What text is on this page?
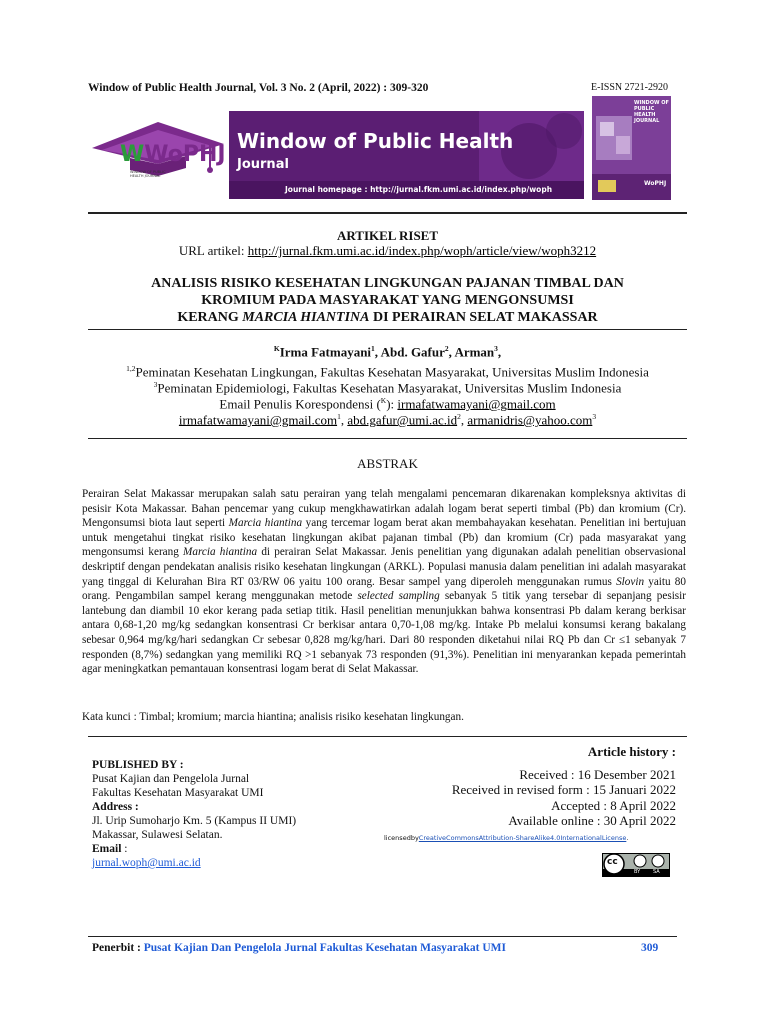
Window of Public Health Journal, Vol. 3 No. 2 (April, 2022) : 309-320	E-ISSN 2721-2920
WWoPHJ
WINDOW OF PUBLIC HEALTH JOURNAL
Window of Public Health
Journal
Journal homepage : http://jurnal.fkm.umi.ac.id/index.php/woph
WINDOW OF PUBLIC HEALTH JOURNAL
WoPHJ
ARTIKEL RISET
URL artikel: http://jurnal.fkm.umi.ac.id/index.php/woph/article/view/woph3212
ANALISIS RISIKO KESEHATAN LINGKUNGAN PAJANAN TIMBAL DAN
KROMIUM PADA MASYARAKAT YANG MENGONSUMSI
KERANG MARCIA HIANTINA DI PERAIRAN SELAT MAKASSAR
$^K$Irma Fatmayani$^1$, Abd. Gafur$^2$, Arman$^3$,
$^{1,2}$Peminatan Kesehatan Lingkungan, Fakultas Kesehatan Masyarakat, Universitas Muslim Indonesia
$^3$Peminatan Epidemiologi, Fakultas Kesehatan Masyarakat, Universitas Muslim Indonesia
Email Penulis Korespondensi ($^K$): irmafatwamayani@gmail.com
irmafatwamayani@gmail.com$^1$, $abd.gafur@umi.ac.id^2$, armanidris@yahoo.com$^3$
ABSTRAK
Perairan Selat Makassar merupakan salah satu perairan yang telah mengalami pencemaran dikarenakan kompleksnya aktivitas di pesisir Kota Makassar. Bahan pencemar yang cukup mengkhawatirkan adalah logam berat seperti timbal (Pb) dan kromium (Cr). Mengonsumsi biota laut seperti Marcia hiantina yang tercemar logam berat akan membahayakan kesehatan. Penelitian ini bertujuan untuk mengetahui tingkat risiko kesehatan lingkungan akibat pajanan timbal (Pb) dan kromium (Cr) pada masyarakat yang mengonsumsi kerang Marcia hiantina di perairan Selat Makassar. Jenis penelitian yang digunakan adalah penelitian observasional deskriptif dengan pendekatan analisis risiko kesehatan lingkungan (ARKL). Populasi manusia dalam penelitian ini adalah masyarakat yang tinggal di Kelurahan Bira RT 03/RW 06 yaitu 100 orang. Besar sampel yang diperoleh menggunakan rumus Slovin yaitu 80 orang. Pengambilan sampel kerang menggunakan metode selected sampling sebanyak 5 titik yang tersebar di sepanjang pesisir lantebung dan diambil 10 ekor kerang pada setiap titik. Hasil penelitian menunjukkan bahwa konsentrasi Pb dalam kerang berkisar antara 0,68-1,20 mg/kg sedangkan konsentrasi Cr berkisar antara 0,70-1,08 mg/kg. Intake Pb melalui konsumsi kerang bakalang sebesar 0,964 mg/kg/hari sedangkan Cr sebesar 0,828 mg/kg/hari. Dari 80 responden diketahui nilai RQ Pb dan Cr ≤1 sebanyak 7 responden (8,7%) sedangkan yang memiliki RQ >1 sebanyak 73 responden (91,3%). Penelitian ini menyarankan kepada pemerintah agar meningkatkan pemantauan konsentrasi logam berat di Selat Makassar.
Kata kunci : Timbal; kromium; marcia hiantina; analisis risiko kesehatan lingkungan.
PUBLISHED BY :
Pusat Kajian dan Pengelola Jurnal
Fakultas Kesehatan Masyarakat UMI
Address :
Jl. Urip Sumoharjo Km. 5 (Kampus II UMI)
Makassar, Sulawesi Selatan.
Email :
jurnal.woph@umi.ac.id
Article history :
Received : 16 Desember 2021
Received in revised form : 15 Januari 2022
Accepted : 8 April 2022
Available online : 30 April 2022
licensedbyCreativeCommonsAttribution-ShareAlike4.0InternationalLicense.
cc
BY	SA
Penerbit : Pusat Kajian Dan Pengelola Jurnal Fakultas Kesehatan Masyarakat UMI	309
